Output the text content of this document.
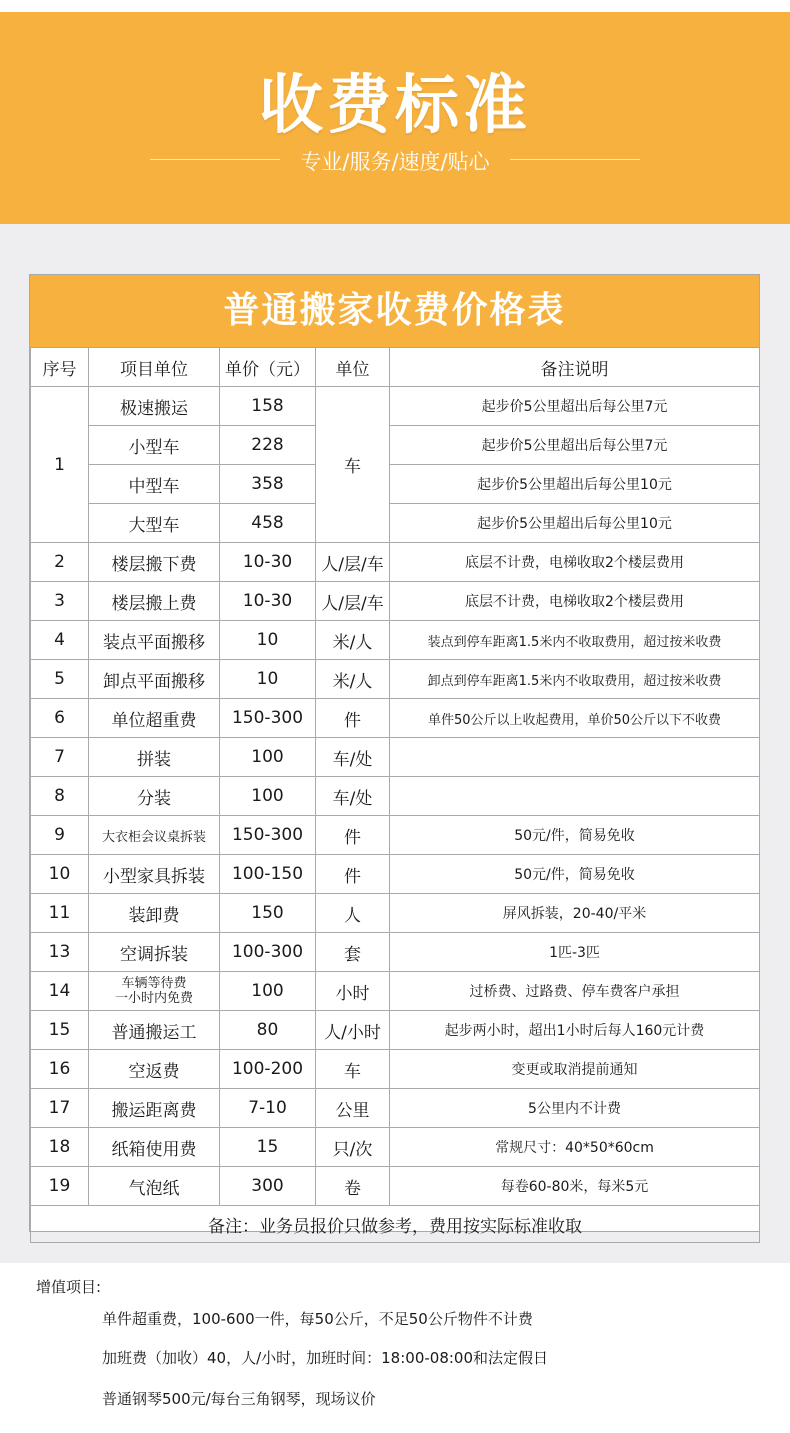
收费标准
专业/服务/速度/贴心
普通搬家收费价格表
序号	项目单位	单价（元）	单位	备注说明
1	极速搬运	158	车	起步价5公里超出后每公里7元
	小型车	228		起步价5公里超出后每公里7元
	中型车	358		起步价5公里超出后每公里10元
	大型车	458		起步价5公里超出后每公里10元
2	楼层搬下费	10-30	人/层/车	底层不计费，电梯收取2个楼层费用
3	楼层搬上费	10-30	人/层/车	底层不计费，电梯收取2个楼层费用
4	装点平面搬移	10	米/人	装点到停车距离1.5米内不收取费用，超过按米收费
5	卸点平面搬移	10	米/人	卸点到停车距离1.5米内不收取费用，超过按米收费
6	单位超重费	150-300	件	单件50公斤以上收起费用，单价50公斤以下不收费
7	拼装	100	车/处	
8	分装	100	车/处	
9	大衣柜会议桌拆装	150-300	件	50元/件，简易免收
10	小型家具拆装	100-150	件	50元/件，简易免收
11	装卸费	150	人	屏风拆装，20-40/平米
13	空调拆装	100-300	套	1匹-3匹
14	车辆等待费
一小时内免费	100	小时	过桥费、过路费、停车费客户承担
15	普通搬运工	80	人/小时	起步两小时，超出1小时后每人160元计费
16	空返费	100-200	车	变更或取消提前通知
17	搬运距离费	7-10	公里	5公里内不计费
18	纸箱使用费	15	只/次	常规尺寸：40*50*60cm
19	气泡纸	300	卷	每卷60-80米，每米5元
备注：业务员报价只做参考，费用按实际标准收取				
增值项目:
单件超重费，100-600一件，每50公斤，不足50公斤物件不计费
加班费（加收）40，人/小时，加班时间：18:00-08:00和法定假日
普通钢琴500元/每台三角钢琴，现场议价
